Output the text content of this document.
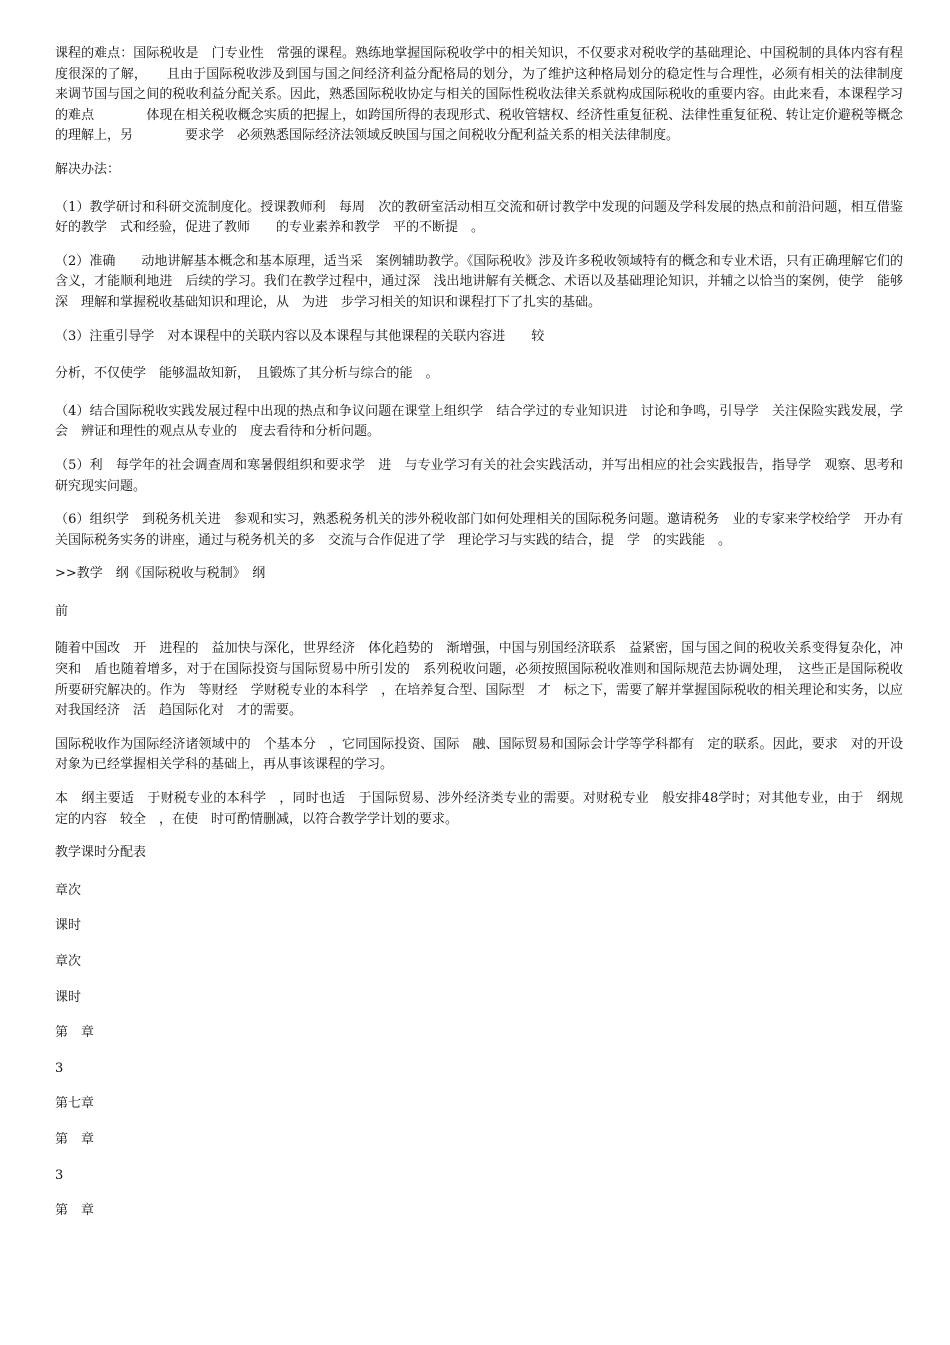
课程的难点：国际税收是　门专业性　常强的课程。熟练地掌握国际税收学中的相关知识，不仅要求对税收学的基础理论、中国税制的具体内容有程度很深的了解，　　且由于国际税收涉及到国与国之间经济利益分配格局的划分，为了维护这种格局划分的稳定性与合理性，必须有相关的法律制度来调节国与国之间的税收利益分配关系。因此，熟悉国际税收协定与相关的国际性税收法律关系就构成国际税收的重要内容。由此来看，本课程学习的难点　　　　体现在相关税收概念实质的把握上，如跨国所得的表现形式、税收管辖权、经济性重复征税、法律性重复征税、转让定价避税等概念的理解上，另　　　　要求学　必须熟悉国际经济法领域反映国与国之间税收分配利益关系的相关法律制度。

解决办法：

（1）教学研讨和科研交流制度化。授课教师利　每周　次的教研室活动相互交流和研讨教学中发现的问题及学科发展的热点和前沿问题，相互借鉴好的教学　式和经验，促进了教师　　的专业素养和教学　平的不断提　。

（2）准确　　动地讲解基本概念和基本原理，适当采　案例辅助教学。《国际税收》涉及许多税收领域特有的概念和专业术语，只有正确理解它们的含义，才能顺利地进　后续的学习。我们在教学过程中，通过深　浅出地讲解有关概念、术语以及基础理论知识，并辅之以恰当的案例，使学　能够深　理解和掌握税收基础知识和理论，从　为进　步学习相关的知识和课程打下了扎实的基础。

（3）注重引导学　对本课程中的关联内容以及本课程与其他课程的关联内容进　　较

分析，不仅使学　能够温故知新，　且锻炼了其分析与综合的能　。

（4）结合国际税收实践发展过程中出现的热点和争议问题在课堂上组织学　结合学过的专业知识进　讨论和争鸣，引导学　关注保险实践发展，学会　辨证和理性的观点从专业的　度去看待和分析问题。

（5）利　每学年的社会调查周和寒暑假组织和要求学　进　与专业学习有关的社会实践活动，并写出相应的社会实践报告，指导学　观察、思考和研究现实问题。

（6）组织学　到税务机关进　参观和实习，熟悉税务机关的涉外税收部门如何处理相关的国际税务问题。邀请税务　业的专家来学校给学　开办有关国际税务实务的讲座，通过与税务机关的多　交流与合作促进了学　理论学习与实践的结合，提　学　的实践能　。

>>教学　纲《国际税收与税制》　纲

前

随着中国改　开　进程的　益加快与深化，世界经济　体化趋势的　渐增强，中国与别国经济联系　益紧密，国与国之间的税收关系变得复杂化，冲突和　盾也随着增多，对于在国际投资与国际贸易中所引发的　系列税收问题，必须按照国际税收准则和国际规范去协调处理，　这些正是国际税收所要研究解决的。作为　等财经　学财税专业的本科学　，在培养复合型、国际型　才　标之下，需要了解并掌握国际税收的相关理论和实务，以应对我国经济　活　趋国际化对　才的需要。

国际税收作为国际经济诸领域中的　个基本分　，它同国际投资、国际　融、国际贸易和国际会计学等学科都有　定的联系。因此，要求　对的开设对象为已经掌握相关学科的基础上，再从事该课程的学习。

本　纲主要适　于财税专业的本科学　，同时也适　于国际贸易、涉外经济类专业的需要。对财税专业　般安排48学时；对其他专业，由于　纲规定的内容　较全　，在使　时可酌情删减，以符合教学学计划的要求。

教学课时分配表

章次

课时

章次

课时

第　章

3

第七章

第　章

3

第　章
